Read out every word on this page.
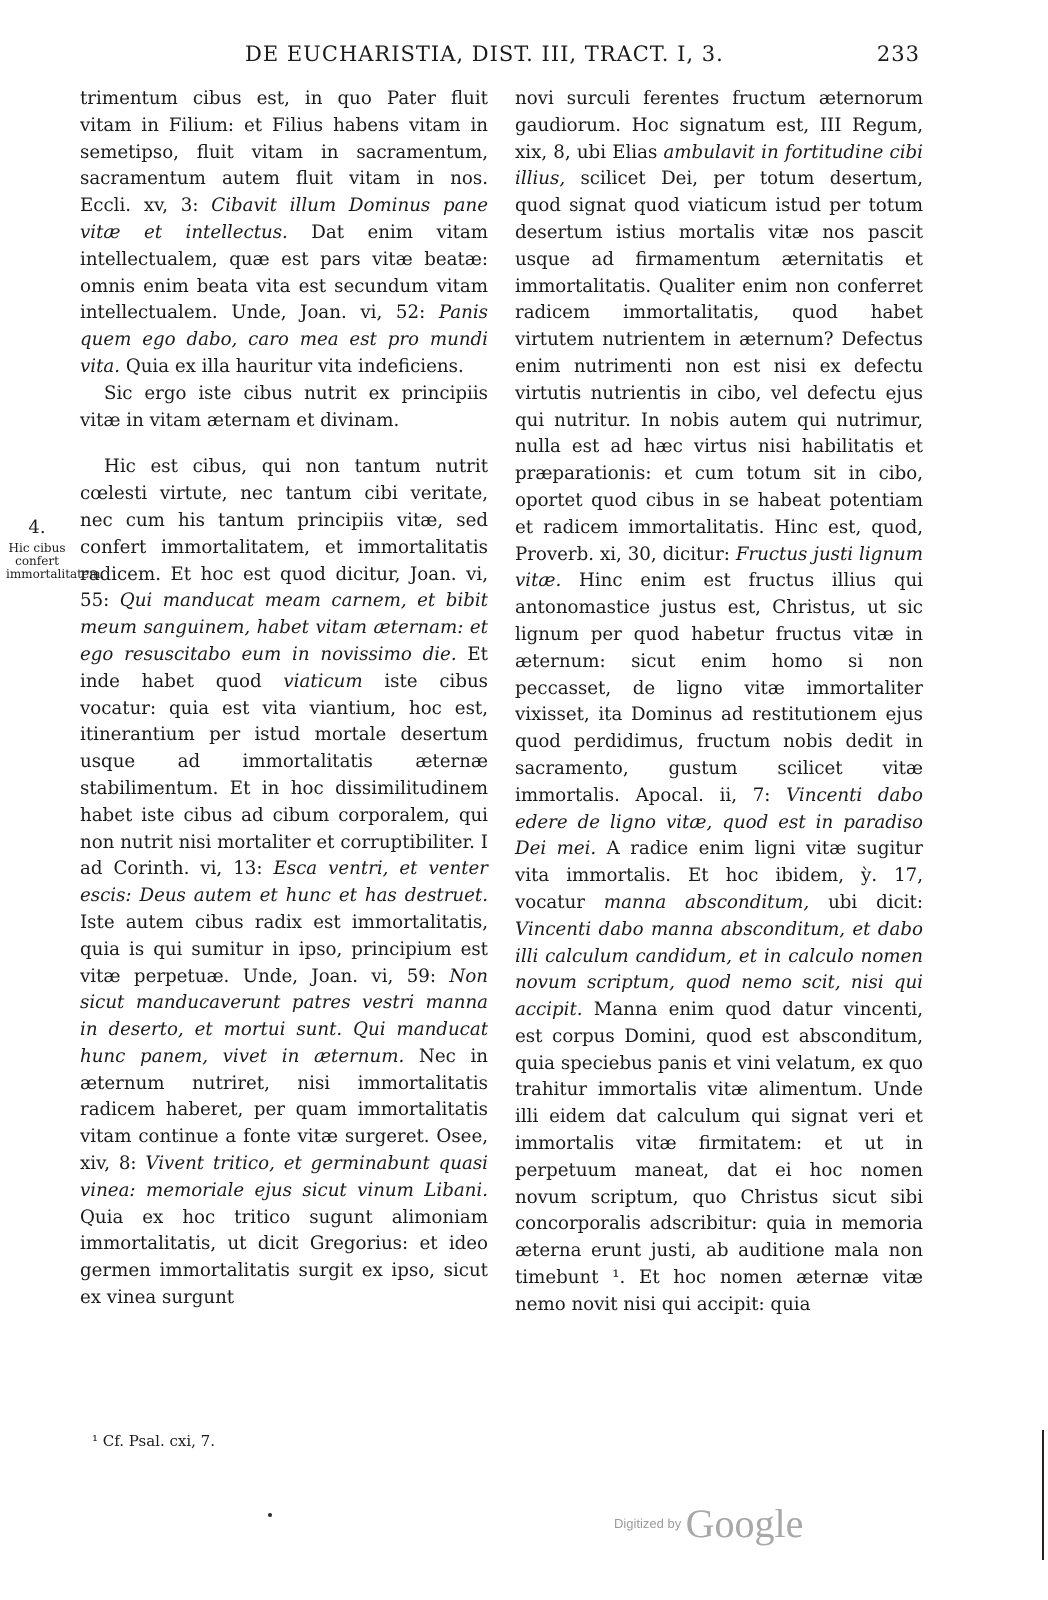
DE EUCHARISTIA, DIST. III, TRACT. I, 3.	233
4.
Hic cibus confert immortalitatem.

trimentum cibus est, in quo Pater fluit vitam in Filium: et Filius habens vitam in semetipso, fluit vitam in sacramentum, sacramentum autem fluit vitam in nos. Eccli. xv, 3: Cibavit illum Dominus pane vitæ et intellectus. Dat enim vitam intellectualem, quæ est pars vitæ beatæ: omnis enim beata vita est secundum vitam intellectualem. Unde, Joan. vi, 52: Panis quem ego dabo, caro mea est pro mundi vita. Quia ex illa hauritur vita indeficiens.

Sic ergo iste cibus nutrit ex principiis vitæ in vitam æternam et divinam.

Hic est cibus, qui non tantum nutrit cœlesti virtute, nec tantum cibi veritate, nec cum his tantum principiis vitæ, sed confert immortalitatem, et immortalitatis radicem. Et hoc est quod dicitur, Joan. vi, 55: Qui manducat meam carnem, et bibit meum sanguinem, habet vitam æternam: et ego resuscitabo eum in novissimo die. Et inde habet quod viaticum iste cibus vocatur: quia est vita viantium, hoc est, itinerantium per istud mortale desertum usque ad immortalitatis æternæ stabilimentum. Et in hoc dissimilitudinem habet iste cibus ad cibum corporalem, qui non nutrit nisi mortaliter et corruptibiliter. I ad Corinth. vi, 13: Esca ventri, et venter escis: Deus autem et hunc et has destruet. Iste autem cibus radix est immortalitatis, quia is qui sumitur in ipso, principium est vitæ perpetuæ. Unde, Joan. vi, 59: Non sicut manducaverunt patres vestri manna in deserto, et mortui sunt. Qui manducat hunc panem, vivet in æternum. Nec in æternum nutriret, nisi immortalitatis radicem haberet, per quam immortalitatis vitam continue a fonte vitæ surgeret. Osee, xiv, 8: Vivent tritico, et germinabunt quasi vinea: memoriale ejus sicut vinum Libani. Quia ex hoc tritico sugunt alimoniam immortalitatis, ut dicit Gregorius: et ideo germen immortalitatis surgit ex ipso, sicut ex vinea surgunt

novi surculi ferentes fructum æternorum gaudiorum. Hoc signatum est, III Regum, xix, 8, ubi Elias ambulavit in fortitudine cibi illius, scilicet Dei, per totum desertum, quod signat quod viaticum istud per totum desertum istius mortalis vitæ nos pascit usque ad firmamentum æternitatis et immortalitatis. Qualiter enim non conferret radicem immortalitatis, quod habet virtutem nutrientem in æternum? Defectus enim nutrimenti non est nisi ex defectu virtutis nutrientis in cibo, vel defectu ejus qui nutritur. In nobis autem qui nutrimur, nulla est ad hæc virtus nisi habilitatis et præparationis: et cum totum sit in cibo, oportet quod cibus in se habeat potentiam et radicem immortalitatis. Hinc est, quod, Proverb. xi, 30, dicitur: Fructus justi lignum vitæ. Hinc enim est fructus illius qui antonomastice justus est, Christus, ut sic lignum per quod habetur fructus vitæ in æternum: sicut enim homo si non peccasset, de ligno vitæ immortaliter vixisset, ita Dominus ad restitutionem ejus quod perdidimus, fructum nobis dedit in sacramento, gustum scilicet vitæ immortalis. Apocal. ii, 7: Vincenti dabo edere de ligno vitæ, quod est in paradiso Dei mei. A radice enim ligni vitæ sugitur vita immortalis. Et hoc ibidem, ỳ. 17, vocatur manna absconditum, ubi dicit: Vincenti dabo manna absconditum, et dabo illi calculum candidum, et in calculo nomen novum scriptum, quod nemo scit, nisi qui accipit. Manna enim quod datur vincenti, est corpus Domini, quod est absconditum, quia speciebus panis et vini velatum, ex quo trahitur immortalis vitæ alimentum. Unde illi eidem dat calculum qui signat veri et immortalis vitæ firmitatem: et ut in perpetuum maneat, dat ei hoc nomen novum scriptum, quo Christus sicut sibi concorporalis adscribitur: quia in memoria æterna erunt justi, ab auditione mala non timebunt ¹. Et hoc nomen æternæ vitæ nemo novit nisi qui accipit: quia

¹ Cf. Psal. cxi, 7.
Digitized by Google
